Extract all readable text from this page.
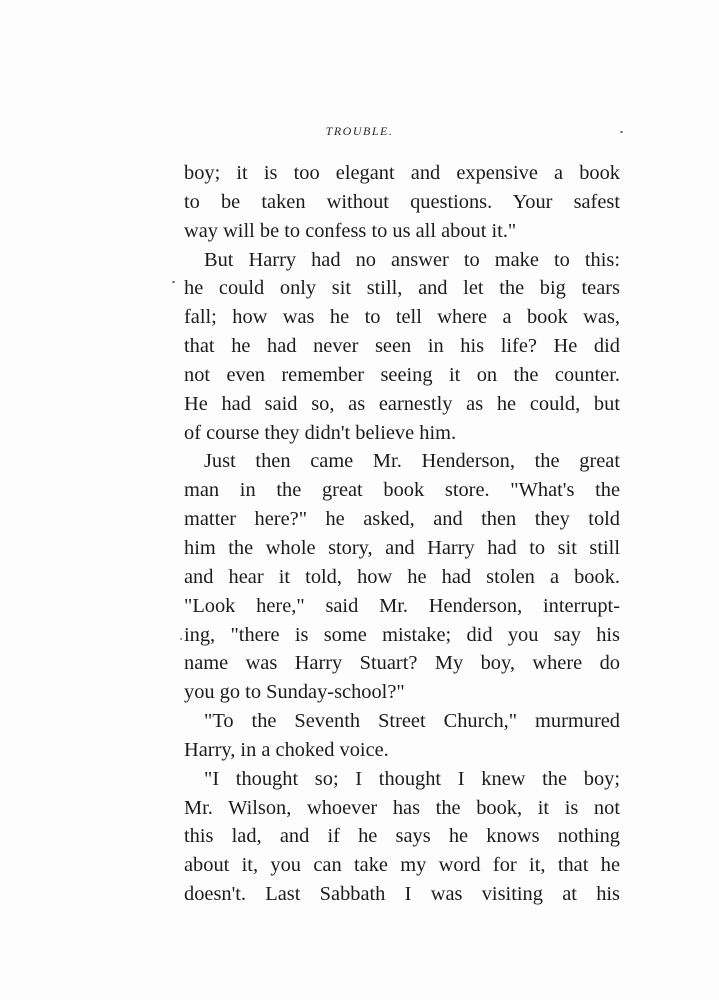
TROUBLE.
boy; it is too elegant and expensive a book
to be taken without questions. Your safest
way will be to confess to us all about it."
But Harry had no answer to make to this:
he could only sit still, and let the big tears
fall; how was he to tell where a book was,
that he had never seen in his life? He did
not even remember seeing it on the counter.
He had said so, as earnestly as he could, but
of course they didn't believe him.
Just then came Mr. Henderson, the great
man in the great book store. "What's the
matter here?" he asked, and then they told
him the whole story, and Harry had to sit still
and hear it told, how he had stolen a book.
"Look here," said Mr. Henderson, interrupt-
ing, "there is some mistake; did you say his
name was Harry Stuart? My boy, where do
you go to Sunday-school?"
"To the Seventh Street Church," murmured
Harry, in a choked voice.
"I thought so; I thought I knew the boy;
Mr. Wilson, whoever has the book, it is not
this lad, and if he says he knows nothing
about it, you can take my word for it, that he
doesn't. Last Sabbath I was visiting at his
